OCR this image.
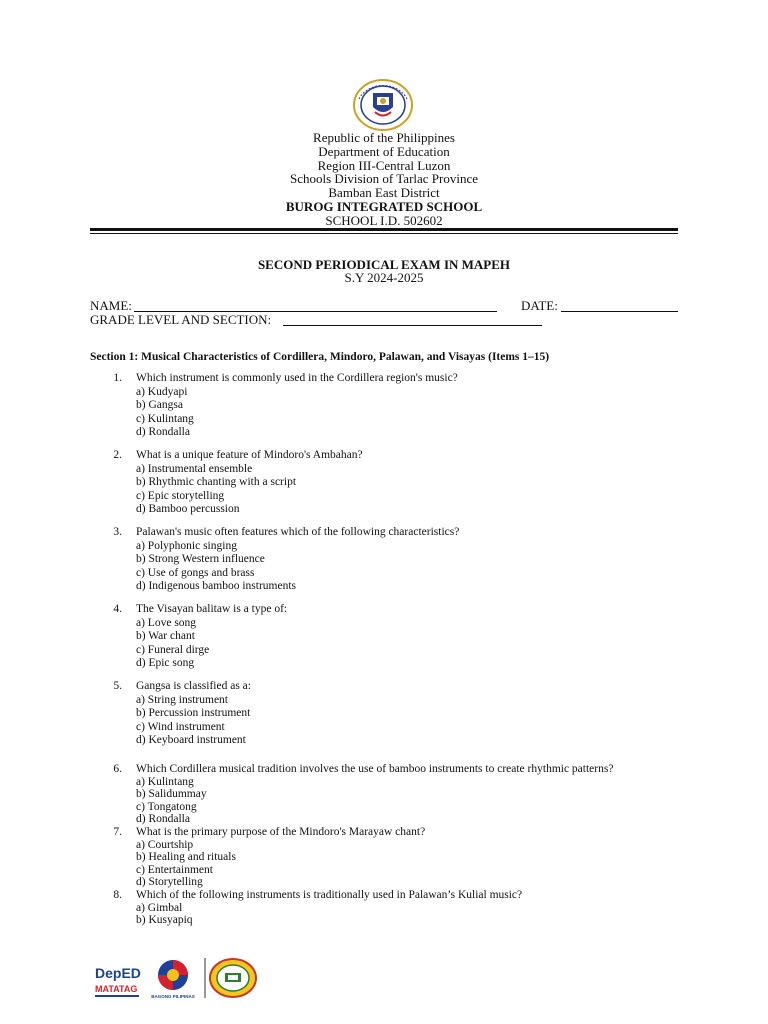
Republic of the Philippines
Department of Education
Region III-Central Luzon
Schools Division of Tarlac Province
Bamban East District
BUROG INTEGRATED SCHOOL
SCHOOL I.D. 502602
SECOND PERIODICAL EXAM IN MAPEH
S.Y 2024-2025
NAME:	DATE:
GRADE LEVEL AND SECTION:
Section 1: Musical Characteristics of Cordillera, Mindoro, Palawan, and Visayas (Items 1–15)
1. Which instrument is commonly used in the Cordillera region's music?
a) Kudyapi
b) Gangsa
c) Kulintang
d) Rondalla
2. What is a unique feature of Mindoro's Ambahan?
a) Instrumental ensemble
b) Rhythmic chanting with a script
c) Epic storytelling
d) Bamboo percussion
3. Palawan's music often features which of the following characteristics?
a) Polyphonic singing
b) Strong Western influence
c) Use of gongs and brass
d) Indigenous bamboo instruments
4. The Visayan balitaw is a type of:
a) Love song
b) War chant
c) Funeral dirge
d) Epic song
5. Gangsa is classified as a:
a) String instrument
b) Percussion instrument
c) Wind instrument
d) Keyboard instrument
6. Which Cordillera musical tradition involves the use of bamboo instruments to create rhythmic patterns?
a) Kulintang
b) Salidummay
c) Tongatong
d) Rondalla
7. What is the primary purpose of the Mindoro's Marayaw chant?
a) Courtship
b) Healing and rituals
c) Entertainment
d) Storytelling
8. Which of the following instruments is traditionally used in Palawan’s Kulial music?
a) Gimbal
b) Kusyapiq
DepED
MATATAG
BAGONG PILIPINAS
